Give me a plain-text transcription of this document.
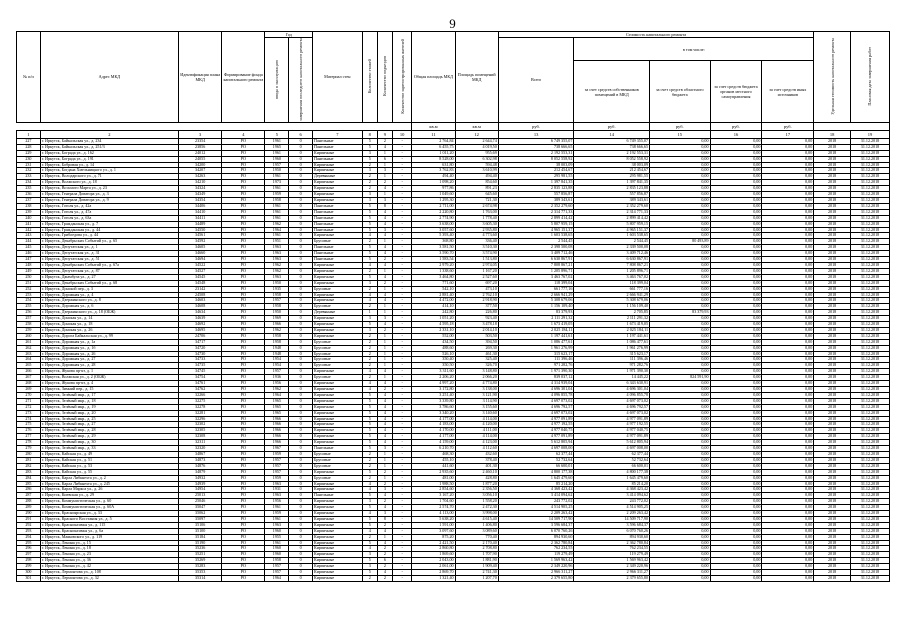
9
№ п/п	Адрес МКД	Идентификация плана МКД	Формирование фонда капитального ремонта	Год		Материал стен	Количество этажей	Количество подъездов	Количество зарегистрированных жителей	Общая площадь МКД	Площадь помещений МКД	Стоимость капитального ремонта					Удельная стоимость капитального ремонта	Плановая дата завершения работ
				ввода в эксплуатацию	завершения последнего капитального ремонта							Всего	в том числе:					
													за счет средств собственников помещений в МКД	за счет средств областного бюджета	за счет средств бюджета органов местного самоуправления	за счет средств иных источников		
										кв.м	кв.м	руб.	руб.	руб.	руб.	руб.		
1	2	3	4	5	6	7	8	9	10	11	12	13	14	15	16	17	18	19
227	г. Иркутск, Байкальская ул., д. 234	23354	РО	1961	0	Панельные	5	2	-	2 764,84	2 644,74	6 749 355,07	6 749 355,07	0,00	0,00	0,00	2018	31.12.2018
228	г. Иркутск, Байкальская ул., д. 251/3	23856	РО	1965	0	Панельные	5	4	-	6 455,75	4 019,50	738 666,65	738 666,65	0,00	0,00	0,00	2018	31.12.2018
229	г. Иркутск, Бограда ул., д. 162	24012	РО	1961	0	Кирпичные	3	1	-	1 011,20	955,69	2 192 553,31	2 192 553,31	0,00	0,00	0,00	2018	31.12.2018
230	г. Иркутск, Бограда ул., д. 191	24055	РО	1960	0	Панельные	5	6	-	8 528,00	6 302,98	8 052 558,92	8 052 558,92	0,00	0,00	0,00	2018	31.12.2018
231	г. Иркутск, Бобровая ул., д. 14	34200	РО	1957	0	Кирпичные	2	1	-	631,80	594,48	38 003,09	38 003,09	0,00	0,00	0,00	2018	31.12.2018
232	г. Иркутск, Богдана Хмельницкого ул., д. 1	34207	РО	1950	0	Кирпичные	3	3	-	3 762,83	3 610,99	212 454,67	212 454,67	0,00	0,00	0,00	2018	31.12.2018
233	г. Иркутск, Володарского ул., д. 71	34263	РО	1961	0	Деревянные	2	1	-	494,40	494,40	295 981,55	295 981,55	0,00	0,00	0,00	2018	31.12.2018
234	г. Иркутск, Волжского ул., д. 18	34210	РО	1973	0	Кирпичные	2	2	-	1 098,20	854,60	1 397 841,35	1 397 841,35	0,00	0,00	0,00	2018	31.12.2018
235	г. Иркутск, Восьмого Марта ул., д. 23	34324	РО	1961	0	Кирпичные	2	4	-	977,86	891,23	2 835 123,88	2 835 123,88	0,00	0,00	0,00	2018	31.12.2018
236	г. Иркутск, Генерала Доватора ул., д. 3	34349	РО	1959	0	Кирпичные	3	1	-	1 049,60	645,60	557 856,87	557 856,87	0,00	0,00	0,00	2018	31.12.2018
237	г. Иркутск, Генерала Доватора ул., д. 9	34354	РО	1958	0	Кирпичные	3	3	-	1 295,30	721,30	389 343,61	389 343,61	0,00	0,00	0,00	2018	31.12.2018
238	г. Иркутск, Гоголя ул., д. 42а	34406	РО	1961	0	Панельные	5	8	-	2 711,00	2 674,98	2 352 279,60	2 352 279,60	0,00	0,00	0,00	2018	31.12.2018
239	г. Иркутск, Гоголя ул., д. 47а	34410	РО	1961	0	Панельные	5	4	-	2 220,80	1 763,00	2 314 771,33	2 314 771,33	0,00	0,00	0,00	2018	31.12.2018
240	г. Иркутск, Гоголя ул., д. 63а	34411	РО	1961	0	Панельные	5	4	-	2 774,90	1 778,40	2 899 414,42	2 899 414,42	0,00	0,00	0,00	2018	31.12.2018
241	г. Иркутск, Гражданская ул., д. 7	34489	РО	1962	0	Панельные	5	4	-	3 638,00	3 605,30	5 807 959,15	5 807 959,15	0,00	0,00	0,00	2018	31.12.2018
242	г. Иркутск, Гражданская ул., д. 44	34550	РО	1964	0	Панельные	5	3	-	3 057,60	2 935,80	4 965 151,37	4 965 151,37	0,00	0,00	0,00	2018	31.12.2018
243	г. Иркутск, Грибоедова ул., д. 44	34561	РО	1961	0	Кирпичные	4	4	-	5 393,40	4 773,60	1 603 538,65	1 603 538,65	0,00	0,00	0,00	2018	31.12.2018
244	г. Иркутск, Декабрьских Событий ул., д. 65	34592	РО	1951	0	Брусовые	2	1	-	368,80	336,40	2 544,45	2 544,45	80 493,89	0,00	0,00	2018	31.12.2018
245	г. Иркутск, Депутатская ул., д. 1	34605	РО	1963	0	Панельные	5	4	-	3 581,50	3 510,30	2 398 500,08	2 339 500,08	0,00	0,00	0,00	2018	31.12.2018
246	г. Иркутск, Депутатская ул., д. 31	34660	РО	1963	0	Панельные	5	4	-	3 590,70	3 574,90	3 409 712,46	3 409 712,46	0,00	0,00	0,00	2018	31.12.2018
247	г. Иркутск, Депутатская ул., д. 51	34694	РО	1963	0	Панельные	5	2	-	1 583,54	1 513,80	6 630 867,91	6 630 867,91	0,00	0,00	0,00	2018	31.12.2018
248	г. Иркутск, Декабрьских Событий ул., д. 67а	34522	РО	1962	0	Кирпичные	4	4	-	2 979,20	2 974,05	7 808 867,21	7 808 867,21	0,00	0,00	0,00	2018	31.12.2018
249	г. Иркутск, Депутатская ул., д. 87	34527	РО	1962	0	Кирпичные	2	1	-	1 338,60	1 167,20	1 205 896,71	1 205 896,71	0,00	0,00	0,00	2018	31.12.2018
250	г. Иркутск, Джамбула ул., д. 27	34545	РО	1963	0	Кирпичные	5	4	-	3 464,80	2 527,60	3 463 767,02	3 463 767,02	0,00	0,00	0,00	2018	31.12.2018
251	г. Иркутск, Декабрьских Событий ул., д. 68	34548	РО	1950	0	Кирпичные	3	2	-	771,60	697,20	118 399,04	118 399,04	0,00	0,00	0,00	2018	31.12.2018
252	г. Иркутск, Донской пер., д. 3	23142	РО	1935	0	Брусовые	2	1	-	542,10	473,10	661 777,16	661 777,16	0,00	0,00	0,00	2018	31.12.2018
253	г. Иркутск, Дорожная ул., д. 4	24508	РО	1958	0	Кирпичные	4	4	-	2 881,40	2 762,10	2 666 941,29	2 666 941,29	0,00	0,00	0,00	2018	31.12.2018
254	г. Иркутск, Дзержинского ул., д. 8	34603	РО	1957	0	Кирпичные	4	4	-	4 472,00	2 918,90	5 308 679,06	5 308 679,06	0,00	0,00	0,00	2018	31.12.2018
255	г. Иркутск, Дорожная ул., д. 6	34608	РО	1958	0	Брусовые	2	1	-	414,10	377,50	1 156 109,40	1 156 109,40	0,00	0,00	0,00	2018	31.12.2018
256	г. Иркутск, Дзержинского ул., д. 18 (ОБЖ)	34634	РО	1950	0	Деревянные	1	1	-	242,80	226,80	83 379,93	2 705,85	83 379,93	0,00	0,00	2018	31.12.2018
257	г. Иркутск, Донская ул., д. 14	34639	РО	1969	0	Кирпичные	3	3	-	1 051,20	923,40	2 111 291,32	2 111 291,32	0,00	0,00	0,00	2018	31.12.2018
258	г. Иркутск, Донская ул., д. 18	34692	РО	1966	0	Кирпичные	5	4	-	4 595,18	3 478,18	1 673 419,05	1 673 419,05	0,00	0,00	0,00	2018	31.12.2018
259	г. Иркутск, Донская ул., д. 26	34695	РО	1962	0	Кирпичные	3	2	-	2 331,10	2 014,10	2 025 184,11	2 025 184,11	0,00	0,00	0,00	2018	31.12.2018
260	г. Иркутск, Дорога Байкальская ул., д. 99	24706	РО	1958	0	Кирпичные	2	1	-	552,00	503,50	1 197 441,61	1 197 441,61	0,00	0,00	0,00	2018	31.12.2018
261	г. Иркутск, Дорожная ул., д. 1а	34717	РО	1958	0	Брусовые	2	1	-	434,50	394,50	1 086 477,61	1 086 477,61	0,00	0,00	0,00	2018	31.12.2018
262	г. Иркутск, Дорожная ул., д. 1б	34720	РО	1948	0	Брусовые	2	1	-	488,60	269,30	1 961 276,99	1 961 276,99	0,00	0,00	0,00	2018	31.12.2018
263	г. Иркутск, Дорожная ул., д. 26	34730	РО	1948	0	Брусовые	2	1	-	526,10	461,30	315 623,17	315 623,17	0,00	0,00	0,00	2018	31.12.2018
264	г. Иркутск, Дорожная ул., д. 27	34733	РО	1954	0	Брусовые	2	1	-	350,40	325,40	111 396,46	111 396,46	0,00	0,00	0,00	2018	31.12.2018
265	г. Иркутск, Дорожная ул., д. 28	34735	РО	1954	0	Брусовые	2	1	-	350,50	326,70	971 282,76	971 282,76	0,00	0,00	0,00	2018	31.12.2018
266	г. Иркутск, Жукова пр-кт, д. 1	34745	РО	1957	0	Кирпичные	4	4	-	3 311,60	3 148,80	1 971 390,30	1 971 390,30	0,00	0,00	0,00	2018	31.12.2018
267	г. Иркутск, Волжская ул., д. 2 (ОБЖ)	34754	РО	1936	0	Брусовые	2	1	-	2 206,20	2 066,20	839 037,12	14 445,22	824 591,90	0,00	0,00	2018	31.12.2018
268	г. Иркутск, Жукова пр-кт, д. 4	34761	РО	1956	0	Кирпичные	4	4	-	4 997,20	4 774,80	4 314 939,04	6 343 630,91	0,00	0,00	0,00	2018	31.12.2018
269	г. Иркутск, Зимний пер., д. 15	34762	РО	1962	0	Кирпичные	4	2	-	3 172,80	3 138,00	4 696 301,04	4 696 301,04	0,00	0,00	0,00	2018	31.12.2018
270	г. Иркутск, Зелёный мкр., д. 17	32266	РО	1964	0	Кирпичные	5	4	-	3 251,40	3 121,90	4 096 855,78	4 096 855,78	0,00	0,00	0,00	2018	31.12.2018
271	г. Иркутск, Зелёный мкр., д. 18	32275	РО	1965	0	Кирпичные	5	4	-	3 339,80	3 114,90	4 697 073,02	4 697 073,02	0,00	0,00	0,00	2018	31.12.2018
272	г. Иркутск, Зелёный мкр., д. 19	32278	РО	1965	0	Кирпичные	5	4	-	3 786,60	3 155,60	4 696 792,57	4 696 792,57	0,00	0,00	0,00	2018	31.12.2018
273	г. Иркутск, Зелёный мкр., д. 20	32281	РО	1965	0	Кирпичные	5	4	-	3 340,20	3 140,60	4 697 073,02	4 697 073,02	0,00	0,00	0,00	2018	31.12.2018
274	г. Иркутск, Зелёный мкр., д. 25	32296	РО	1966	0	Кирпичные	5	4	-	4 177,00	4 114,00	4 977 091,89	4 977 091,89	0,00	0,00	0,00	2018	31.12.2018
275	г. Иркутск, Зелёный мкр., д. 27	32302	РО	1966	0	Кирпичные	5	4	-	4 183,00	4 120,00	4 977 192,55	4 977 192,55	0,00	0,00	0,00	2018	31.12.2018
276	г. Иркутск, Зелёный мкр., д. 28	32305	РО	1966	0	Кирпичные	5	4	-	4 170,00	4 111,00	4 977 040,75	4 977 040,75	0,00	0,00	0,00	2018	31.12.2018
277	г. Иркутск, Зелёный мкр., д. 29	32308	РО	1966	0	Кирпичные	5	4	-	4 177,00	4 114,00	4 977 091,89	4 977 091,89	0,00	0,00	0,00	2018	31.12.2018
278	г. Иркутск, Зелёный мкр., д. 30	32311	РО	1966	0	Кирпичные	5	4	-	4 159,00	4 123,00	5 612 805,94	5 612 805,94	0,00	0,00	0,00	2018	31.12.2018
279	г. Иркутск, Зелёный мкр., д. 33	32320	РО	1967	0	Панельные	5	3	-	6 210,70	4 112,60	4 697 008,00	4 697 008,00	0,00	0,00	0,00	2018	31.12.2018
280	г. Иркутск, Кайская ул., д. 49	34867	РО	1959	0	Брусовые	2	1	-	468,30	432,60	62 377,44	62 377,44	0,00	0,00	0,00	2018	31.12.2018
281	г. Иркутск, Кайская ул., д. 51	34873	РО	1957	0	Брусовые	2	1	-	455,10	378,40	52 732,64	52 732,64	0,00	0,00	0,00	2018	31.12.2018
282	г. Иркутск, Кайская ул., д. 53	34876	РО	1957	0	Брусовые	2	1	-	441,60	401,30	66 600,01	66 600,01	0,00	0,00	0,00	2018	31.12.2018
283	г. Иркутск, Кайская ул., д. 55	34879	РО	1957	0	Кирпичные	5	2	-	2 935,60	2 460,10	4 800 177,38	4 800 177,38	0,00	0,00	0,00	2018	31.12.2018
284	г. Иркутск, Карла Либкнехта ул., д. 2	34932	РО	1959	0	Брусовые	2	1	-	481,00	428,80	1 645 479,60	1 645 479,60	0,00	0,00	0,00	2018	31.12.2018
285	г. Иркутск, Карла Либкнехта ул., д. 245	34939	РО	1963	0	Кирпичные	4	2	-	1 988,50	1 877,20	85 214,20	85 214,20	0,00	0,00	0,00	2018	31.12.2018
286	г. Иркутск, Карла Маркса ул., д. 26	34954	РО	1931	0	Кирпичные	4	3	-	2 854,60	2 356,50	4 368 423,42	4 368 423,42	0,00	0,00	0,00	2018	31.12.2018
287	г. Иркутск, Киевская ул., д. 29	25013	РО	1963	0	Панельные	5	4	-	3 167,20	3 056,10	3 414 094,62	3 414 094,62	0,00	0,00	0,00	2018	31.12.2018
288	г. Иркутск, Коммунистическая ул., д. 60	25046	РО	1956	0	Кирпичные	3	2	-	1 704,60	1 558,20	243 772,02	243 772,02	0,00	0,00	0,00	2018	31.12.2018
289	г. Иркутск, Коммунистическая ул., д. 60А	35047	РО	1961	0	Кирпичные	5	4	-	2 574,70	2 472,30	4 514 905,25	4 514 905,25	0,00	0,00	0,00	2018	31.12.2018
290	г. Иркутск, Красноярская ул., д. 33	35062	РО	1959	0	Кирпичные	4	3	-	4 113,00	3 998,00	2 209 263,42	2 209 263,42	0,00	0,00	0,00	2018	31.12.2018
291	г. Иркутск, Красного Восстания ул., д. 5	35097	РО	1961	0	Кирпичные	5	8	-	5 638,20	4 615,40	14 509 717,90	14 509 717,90	0,00	0,00	0,00	2018	31.12.2018
292	г. Иркутск, Красноказачья ул., д. 115	35106	РО	1963	0	Кирпичные	5	2	-	1 591,00	1 406,80	3 596 684,37	3 596 684,37	0,00	0,00	0,00	2018	31.12.2018
293	г. Иркутск, Красноказачья ул., д. 6а	35100	РО	1960	0	Кирпичные	4	4	-	3 097,60	3 089,60	6 070 760,26	6 070 760,26	0,00	0,00	0,00	2018	31.12.2018
294	г. Иркутск, Маяковского ул., д. 119	35184	РО	1955	0	Кирпичные	2	1	-	875,20	770,40	894 930,60	894 930,60	0,00	0,00	0,00	2018	31.12.2018
295	г. Иркутск, Ленина ул., д. 15	35190	РО	1961	0	Кирпичные	5	4	-	2 421,50	2 170,40	2 362 780,84	2 362 780,84	0,00	0,00	0,00	2018	31.12.2018
296	г. Иркутск, Ленина ул., д. 18	35236	РО	1960	0	Кирпичные	4	2	-	2 860,80	2 708,80	762 234,55	762 234,55	0,00	0,00	0,00	2018	31.12.2018
297	г. Иркутск, Ленина ул., д. 23	35251	РО	1960	0	Кирпичные	3	2	-	1 869,60	1 707,90	119 279,49	119 279,49	0,00	0,00	0,00	2018	31.12.2018
298	г. Иркутск, Ленина ул., д. 36	35269	РО	1958	0	Кирпичные	5	6	-	2 043,00	1 881,90	1 569 963,42	1 569 963,42	0,00	0,00	0,00	2018	31.12.2018
299	г. Иркутск, Ленина ул., д. 42	35283	РО	1957	0	Кирпичные	3	2	-	2 061,00	1 909,40	2 349 220,96	2 349 220,96	0,00	0,00	0,00	2018	31.12.2018
300	г. Иркутск, Лермонтова ул., д. 108	35353	РО	1957	0	Кирпичные	5	4	-	2 869,70	2 741,30	2 966 311,27	2 966 311,27	0,00	0,00	0,00	2018	31.12.2018
301	г. Иркутск, Лермонтова ул., д. 32	35314	РО	1964	0	Кирпичные	2	2	-	1 321,40	1 207,70	2 379 655,80	2 379 655,80	0,00	0,00	0,00	2018	31.12.2018
